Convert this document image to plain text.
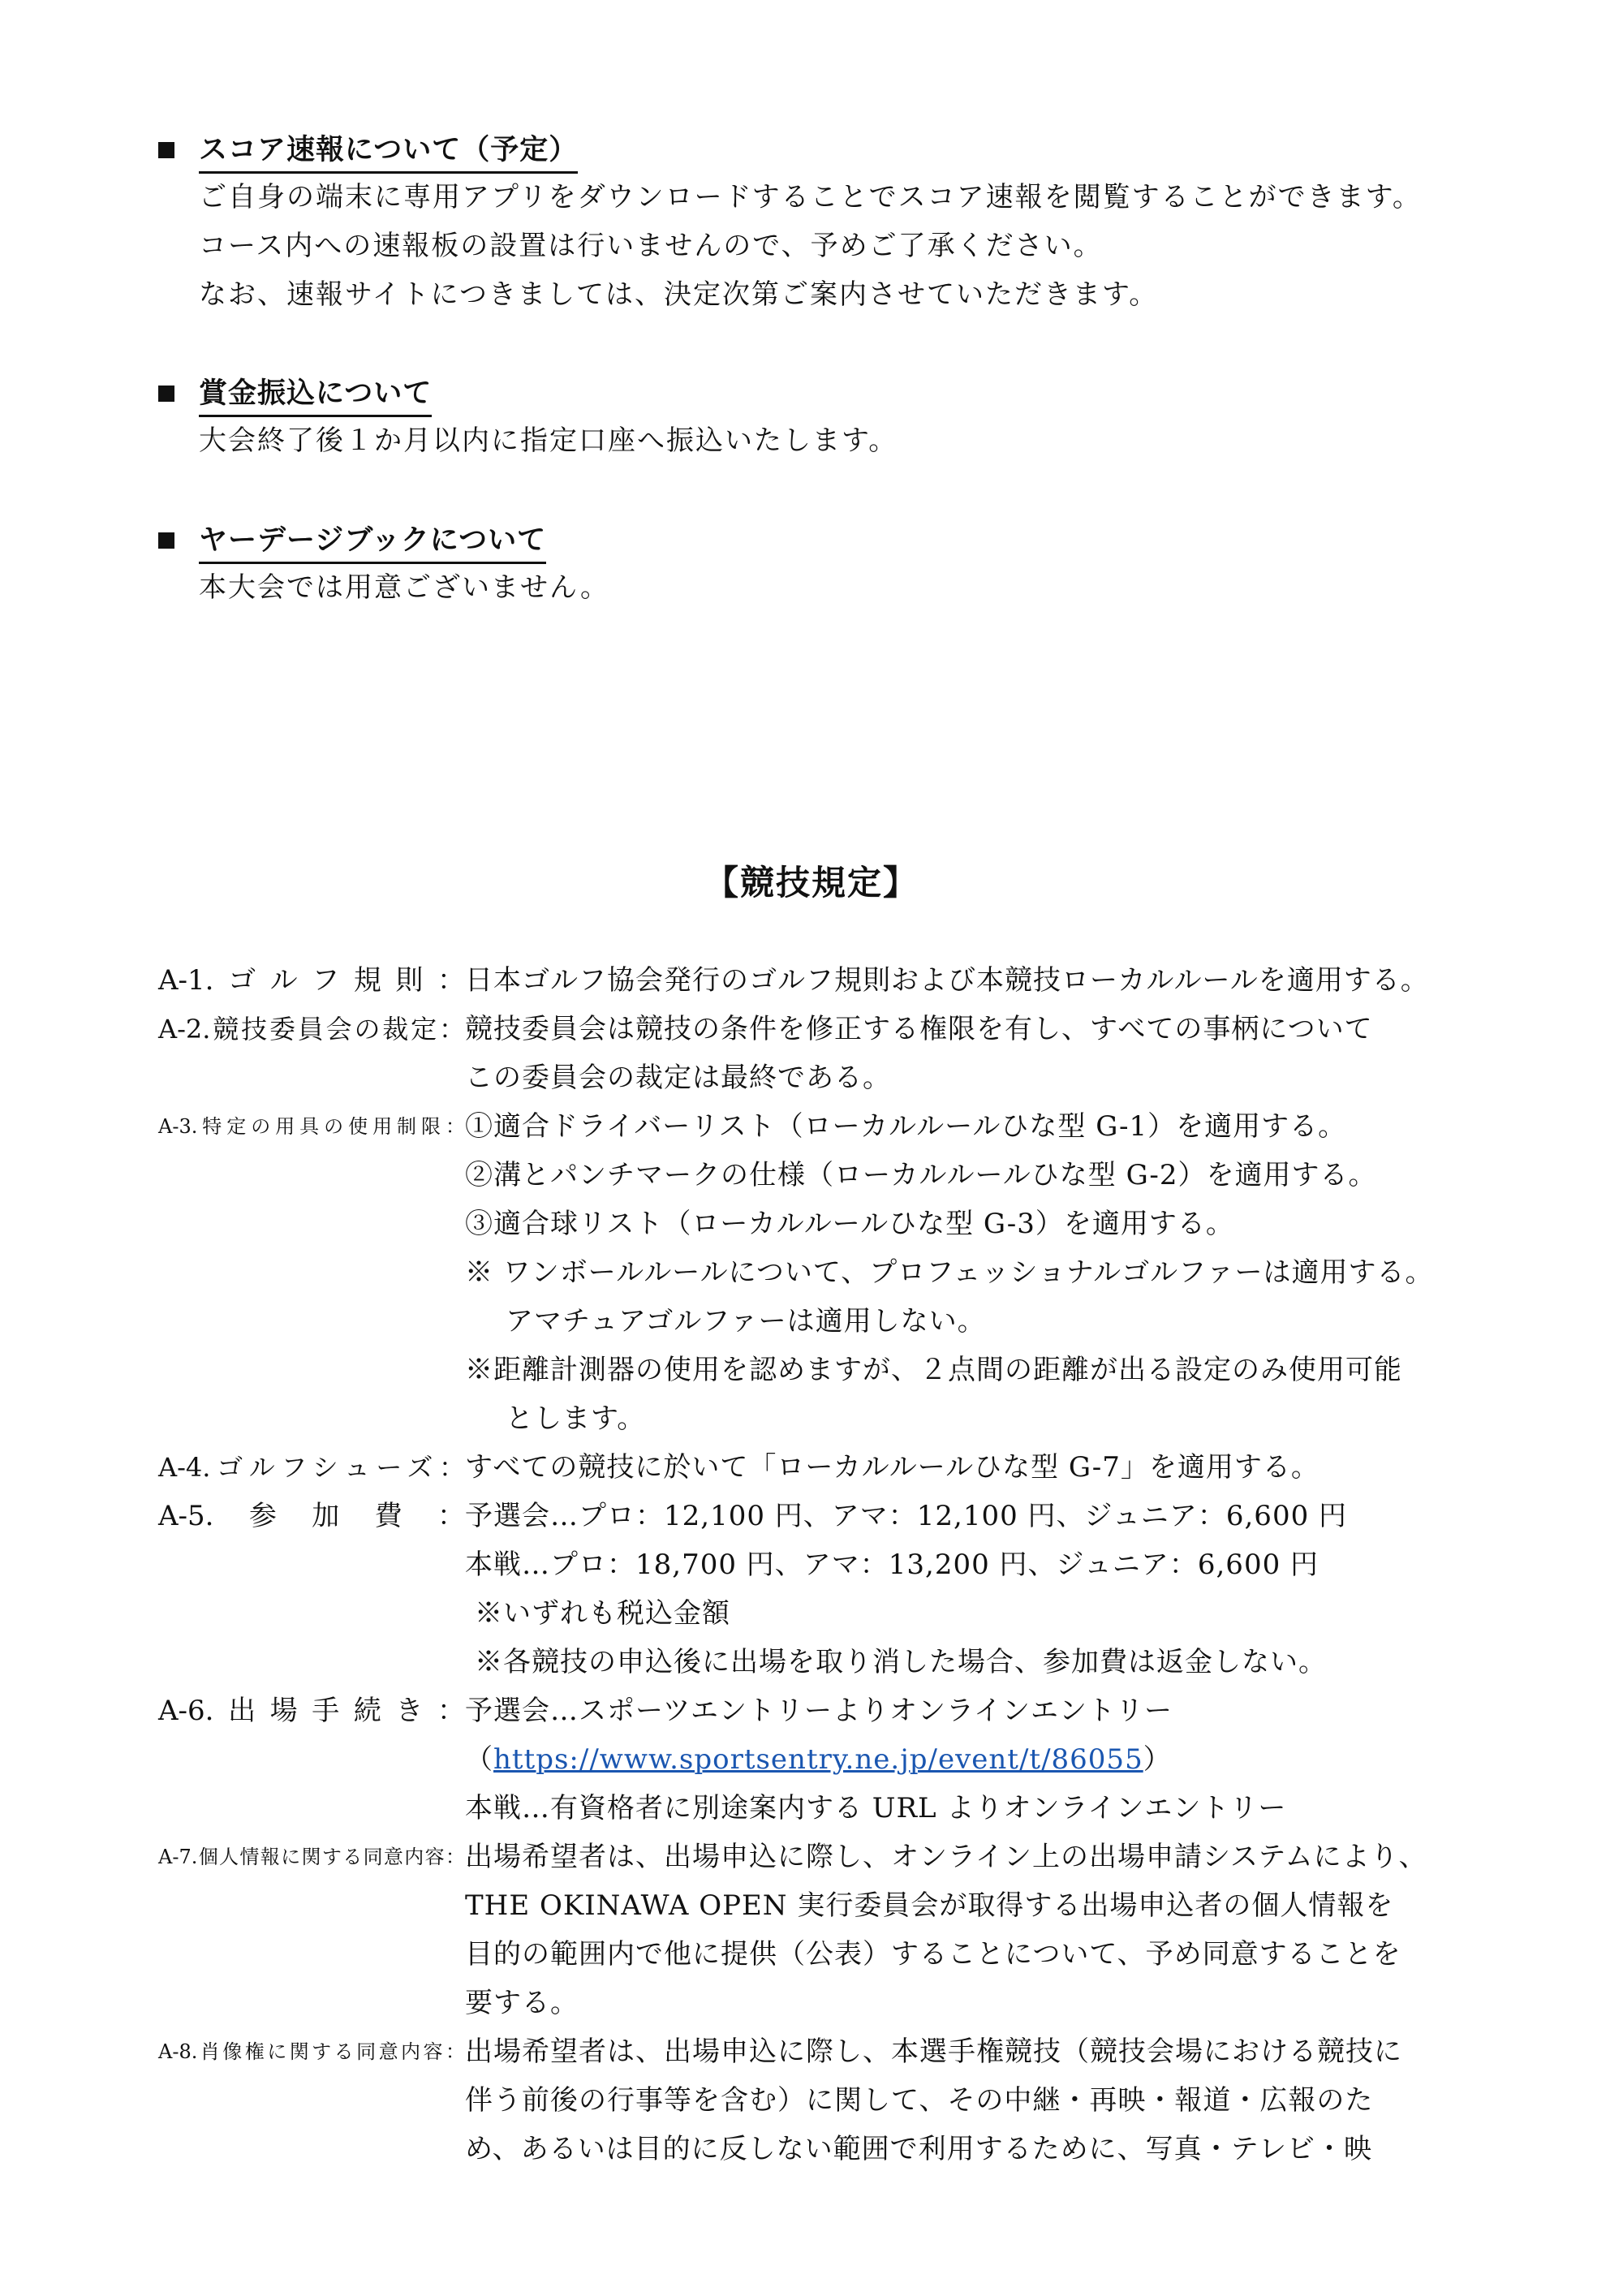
スコア速報について（予定）
ご自身の端末に専用アプリをダウンロードすることでスコア速報を閲覧することができます。
コース内への速報板の設置は行いませんので、予めご了承ください。
なお、速報サイトにつきましては、決定次第ご案内させていただきます。
賞金振込について
大会終了後１か月以内に指定口座へ振込いたします。
ヤーデージブックについて
本大会では用意ございません。
【競技規定】
A-1.ゴルフ規則： 日本ゴルフ協会発行のゴルフ規則および本競技ローカルルールを適用する。
A-2.競技委員会の裁定： 競技委員会は競技の条件を修正する権限を有し、すべての事柄について
この委員会の裁定は最終である。
A-3.特定の用具の使用制限： ①適合ドライバーリスト（ローカルルールひな型 G-1）を適用する。
②溝とパンチマークの仕様（ローカルルールひな型 G-2）を適用する。
③適合球リスト（ローカルルールひな型 G-3）を適用する。
※ ワンボールルールについて、プロフェッショナルゴルファーは適用する。
アマチュアゴルファーは適用しない。
※距離計測器の使用を認めますが、２点間の距離が出る設定のみ使用可能
とします。
A-4.ゴルフシューズ： すべての競技に於いて「ローカルルールひな型 G-7」を適用する。
A-5.参加費： 予選会…プロ：12,100 円、アマ：12,100 円、ジュニア：6,600 円
本戦…プロ：18,700 円、アマ：13,200 円、ジュニア：6,600 円
※いずれも税込金額
※各競技の申込後に出場を取り消した場合、参加費は返金しない。
A-6.出場手続き： 予選会…スポーツエントリーよりオンラインエントリー
（https://www.sportsentry.ne.jp/event/t/86055）
本戦…有資格者に別途案内する URL よりオンラインエントリー
A-7.個人情報に関する同意内容： 出場希望者は、出場申込に際し、オンライン上の出場申請システムにより、
THE OKINAWA OPEN 実行委員会が取得する出場申込者の個人情報を
目的の範囲内で他に提供（公表）することについて、予め同意することを
要する。
A-8.肖像権に関する同意内容： 出場希望者は、出場申込に際し、本選手権競技（競技会場における競技に
伴う前後の行事等を含む）に関して、その中継・再映・報道・広報のた
め、あるいは目的に反しない範囲で利用するために、写真・テレビ・映
